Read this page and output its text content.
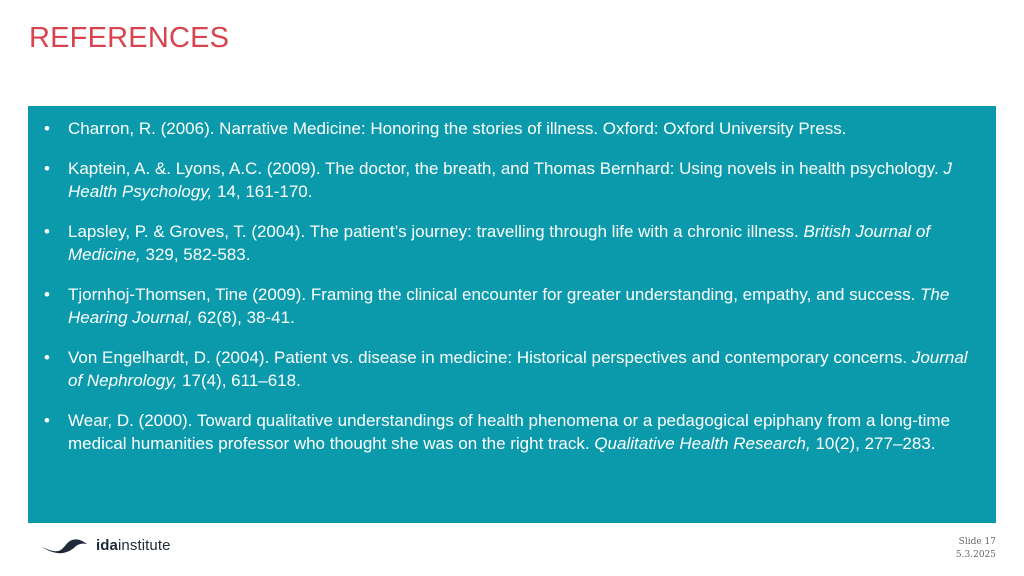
REFERENCES
• Charron, R. (2006). Narrative Medicine: Honoring the stories of illness. Oxford: Oxford University Press.
• Kaptein, A. &. Lyons, A.C. (2009). The doctor, the breath, and Thomas Bernhard: Using novels in health psychology. J Health Psychology, 14, 161-170.
• Lapsley, P. & Groves, T. (2004). The patient’s journey: travelling through life with a chronic illness. British Journal of Medicine, 329, 582-583.
• Tjornhoj-Thomsen, Tine (2009). Framing the clinical encounter for greater understanding, empathy, and success. The Hearing Journal, 62(8), 38-41.
• Von Engelhardt, D. (2004). Patient vs. disease in medicine: Historical perspectives and contemporary concerns. Journal of Nephrology, 17(4), 611–618.
• Wear, D. (2000). Toward qualitative understandings of health phenomena or a pedagogical epiphany from a long-time medical humanities professor who thought she was on the right track. Qualitative Health Research, 10(2), 277–283.
idainstitute	Slide 17
5.3.2025
